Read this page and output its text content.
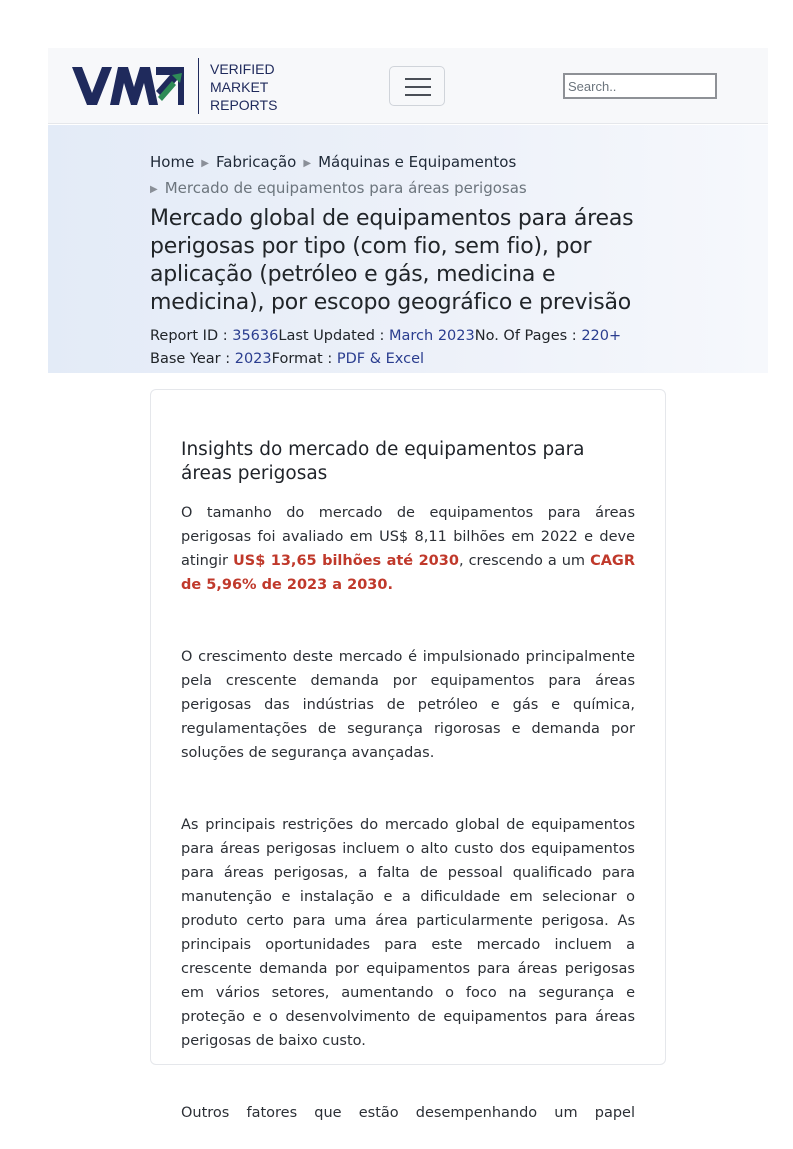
VERIFIED
MARKET
REPORTS
Search..
Home ▶ Fabricação ▶ Máquinas e Equipamentos
▶ Mercado de equipamentos para áreas perigosas
Mercado global de equipamentos para áreas perigosas por tipo (com fio, sem fio), por aplicação (petróleo e gás, medicina e medicina), por escopo geográfico e previsão
Report ID : 35636Last Updated : March 2023No. Of Pages : 220+
Base Year : 2023Format : PDF & Excel
Insights do mercado de equipamentos para áreas perigosas

O tamanho do mercado de equipamentos para áreas perigosas foi avaliado em US$ 8,11 bilhões em 2022 e deve atingir US$ 13,65 bilhões até 2030, crescendo a um CAGR de 5,96% de 2023 a 2030.

O crescimento deste mercado é impulsionado principalmente pela crescente demanda por equipamentos para áreas perigosas das indústrias de petróleo e gás e química, regulamentações de segurança rigorosas e demanda por soluções de segurança avançadas.

As principais restrições do mercado global de equipamentos para áreas perigosas incluem o alto custo dos equipamentos para áreas perigosas, a falta de pessoal qualificado para manutenção e instalação e a dificuldade em selecionar o produto certo para uma área particularmente perigosa. As principais oportunidades para este mercado incluem a crescente demanda por equipamentos para áreas perigosas em vários setores, aumentando o foco na segurança e proteção e o desenvolvimento de equipamentos para áreas perigosas de baixo custo.

Outros fatores que estão desempenhando um papel
